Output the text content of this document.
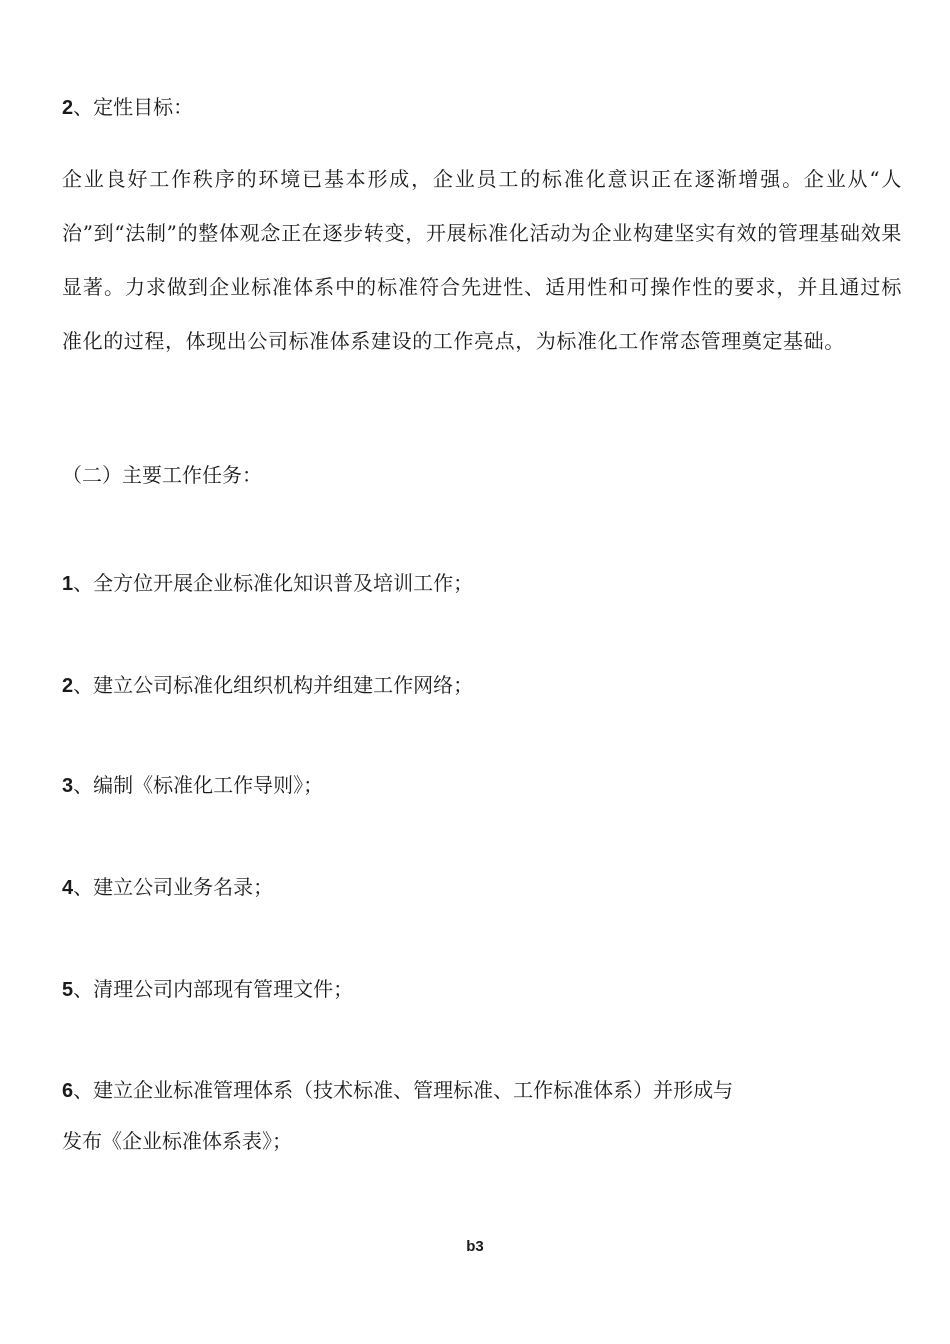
2、定性目标：

企业良好工作秩序的环境已基本形成，企业员工的标准化意识正在逐渐增强。企业从“人治”到“法制”的整体观念正在逐步转变，开展标准化活动为企业构建坚实有效的管理基础效果显著。力求做到企业标准体系中的标准符合先进性、适用性和可操作性的要求，并且通过标准化的过程，体现出公司标准体系建设的工作亮点，为标准化工作常态管理奠定基础。

（二）主要工作任务：

1、全方位开展企业标准化知识普及培训工作；

2、建立公司标准化组织机构并组建工作网络；

3、编制《标准化工作导则》；

4、建立公司业务名录；

5、清理公司内部现有管理文件；

6、建立企业标准管理体系（技术标准、管理标准、工作标准体系）并形成与

发布《企业标准体系表》；

b3
